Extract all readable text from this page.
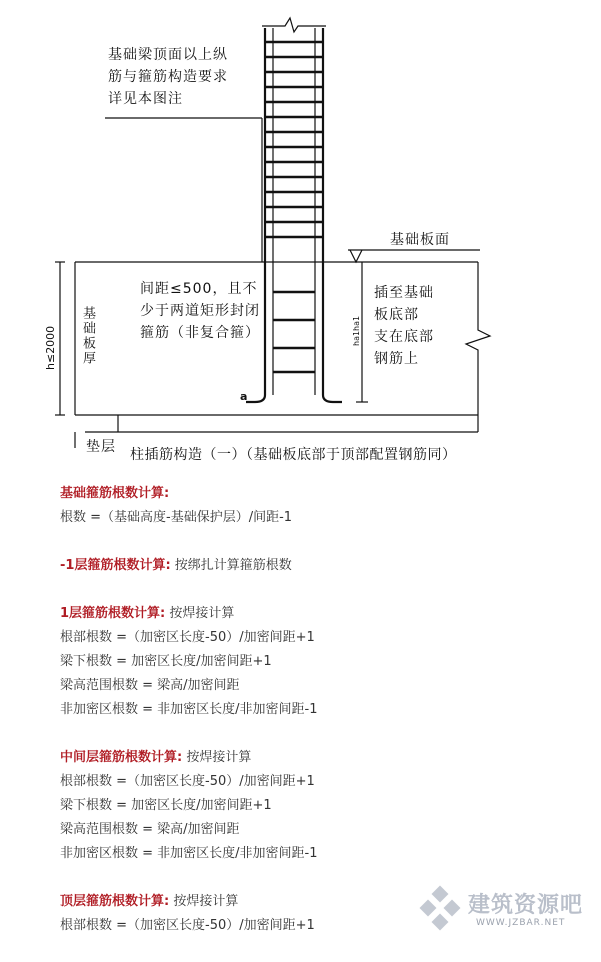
基础梁顶面以上纵
筋与箍筋构造要求
详见本图注
基础板面
间距≤500，且不
少于两道矩形封闭
箍筋（非复合箍）
插至基础
板底部
支在底部
钢筋上
基础板厚
h≤2000	ha1ha1
a
垫层 柱插筋构造（一）（基础板底部于顶部配置钢筋同）
基础箍筋根数计算:
根数 =（基础高度-基础保护层）/间距-1
-1层箍筋根数计算: 按绑扎计算箍筋根数
1层箍筋根数计算: 按焊接计算
根部根数 =（加密区长度-50）/加密间距+1
梁下根数 = 加密区长度/加密间距+1
梁高范围根数 = 梁高/加密间距
非加密区根数 = 非加密区长度/非加密间距-1
中间层箍筋根数计算: 按焊接计算
根部根数 =（加密区长度-50）/加密间距+1
梁下根数 = 加密区长度/加密间距+1
梁高范围根数 = 梁高/加密间距
非加密区根数 = 非加密区长度/非加密间距-1
顶层箍筋根数计算: 按焊接计算
根部根数 =（加密区长度-50）/加密间距+1
建筑资源吧
WWW.JZBAR.NET
